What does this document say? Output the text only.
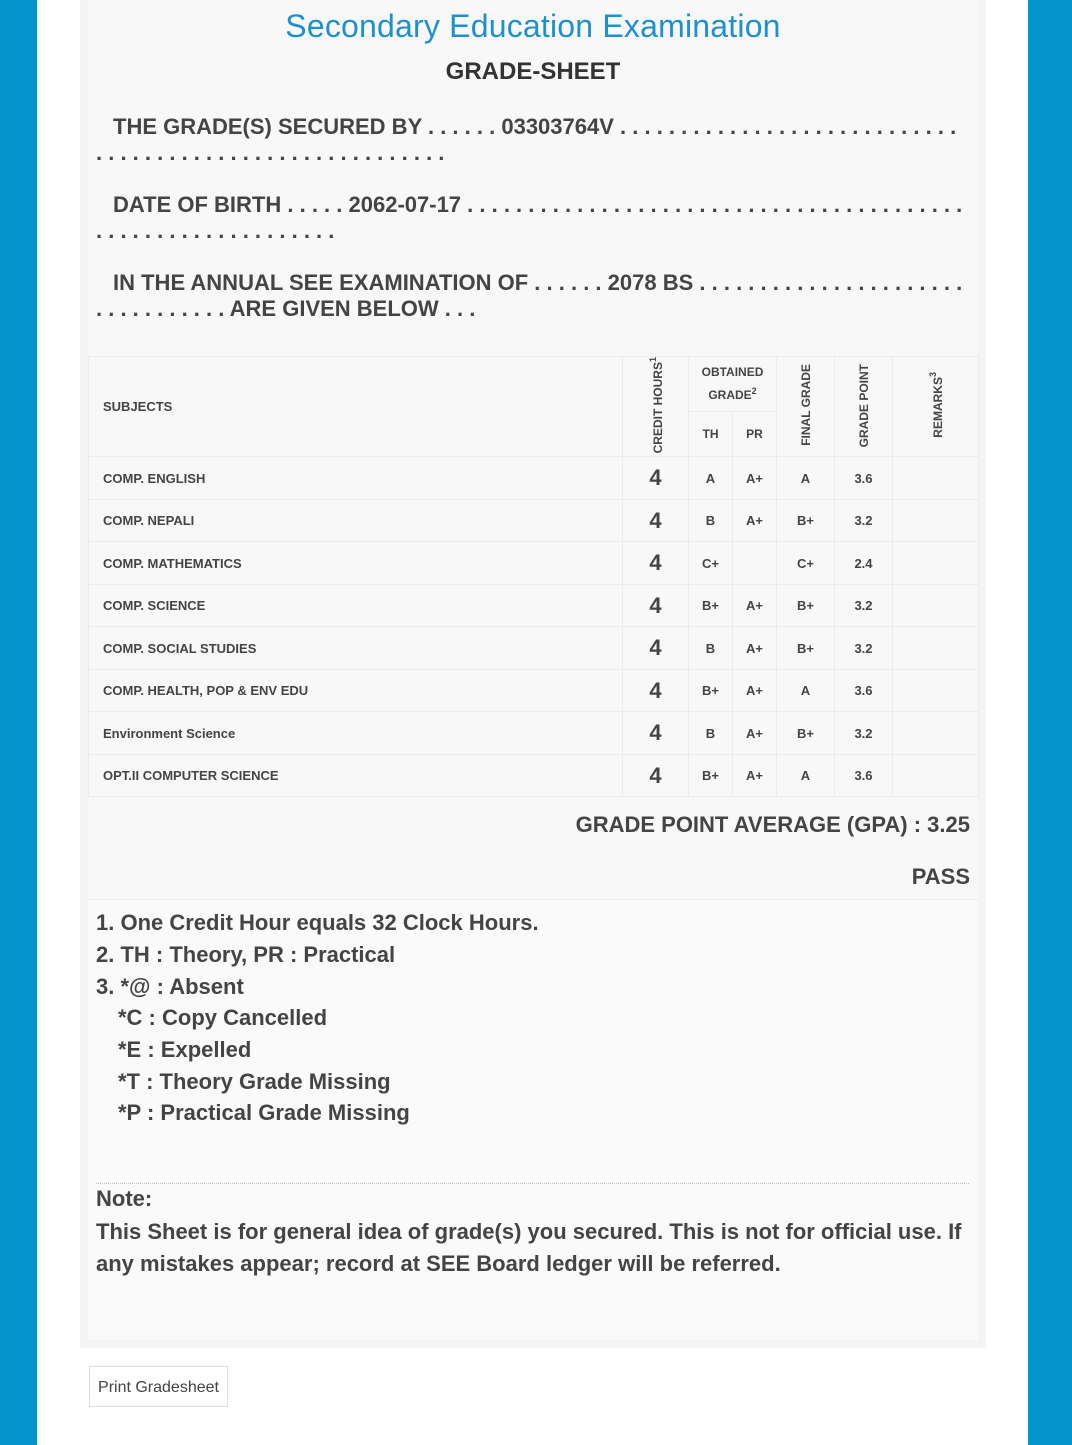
Secondary Education Examination
GRADE-SHEET
THE GRADE(S) SECURED BY . . . . . . 03303764V . . . . . . . . . . . . . . . . . . . . . . . . . . . . . . . . . . . . . . . . . . . . . . . . . . . . . . . . .
DATE OF BIRTH . . . . . 2062-07-17 . . . . . . . . . . . . . . . . . . . . . . . . . . . . . . . . . . . . . . . . . . . . . . . . . . . . . . . . . . . . .
IN THE ANNUAL SEE EXAMINATION OF . . . . . . 2078 BS . . . . . . . . . . . . . . . . . . . . . . . . . . . . . . . . . ARE GIVEN BELOW . . .
SUBJECTS	CREDIT HOURS$^1$	OBTAINED GRADE$^2$		FINAL GRADE	GRADE POINT	REMARKS$^3$
		TH	PR			
COMP. ENGLISH	4	A	A+	A	3.6	
COMP. NEPALI	4	B	A+	B+	3.2	
COMP. MATHEMATICS	4	C+		C+	2.4	
COMP. SCIENCE	4	B+	A+	B+	3.2	
COMP. SOCIAL STUDIES	4	B	A+	B+	3.2	
COMP. HEALTH, POP & ENV EDU	4	B+	A+	A	3.6	
Environment Science	4	B	A+	B+	3.2	
OPT.II COMPUTER SCIENCE	4	B+	A+	A	3.6	
GRADE POINT AVERAGE (GPA) : 3.25
PASS
1. One Credit Hour equals 32 Clock Hours.
2. TH : Theory, PR : Practical
3. *@ : Absent
*C : Copy Cancelled
*E : Expelled
*T : Theory Grade Missing
*P : Practical Grade Missing
Note:
This Sheet is for general idea of grade(s) you secured. This is not for official use. If any mistakes appear; record at SEE Board ledger will be referred.
Print Gradesheet
